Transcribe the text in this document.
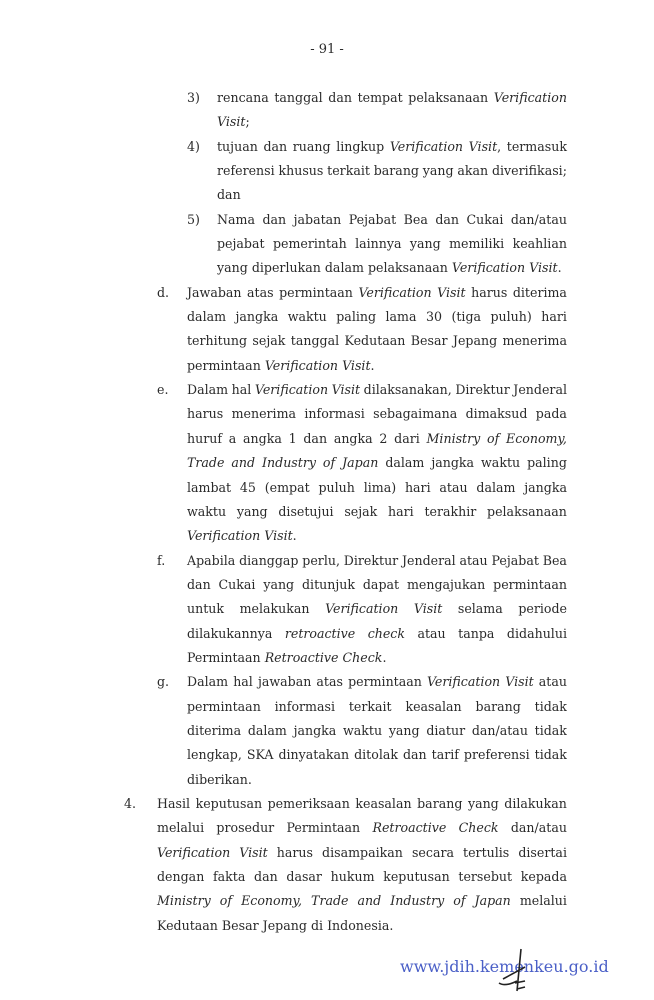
- 91 -
3) rencana tanggal dan tempat pelaksanaan Verification
Visit;
4) tujuan dan ruang lingkup Verification Visit, termasuk
referensi khusus terkait barang yang akan diverifikasi;
dan
5) Nama dan jabatan Pejabat Bea dan Cukai dan/atau
pejabat pemerintah lainnya yang memiliki keahlian
yang diperlukan dalam pelaksanaan Verification Visit.
d. Jawaban atas permintaan Verification Visit harus diterima
dalam jangka waktu paling lama 30 (tiga puluh) hari
terhitung sejak tanggal Kedutaan Besar Jepang menerima
permintaan Verification Visit.
e. Dalam hal Verification Visit dilaksanakan, Direktur Jenderal
harus menerima informasi sebagaimana dimaksud pada
huruf a angka 1 dan angka 2 dari Ministry of Economy,
Trade and Industry of Japan dalam jangka waktu paling
lambat 45 (empat puluh lima) hari atau dalam jangka
waktu yang disetujui sejak hari terakhir pelaksanaan
Verification Visit.
f. Apabila dianggap perlu, Direktur Jenderal atau Pejabat Bea
dan Cukai yang ditunjuk dapat mengajukan permintaan
untuk melakukan Verification Visit selama periode
dilakukannya retroactive check atau tanpa didahului
Permintaan Retroactive Check.
g. Dalam hal jawaban atas permintaan Verification Visit atau
permintaan informasi terkait keasalan barang tidak
diterima dalam jangka waktu yang diatur dan/atau tidak
lengkap, SKA dinyatakan ditolak dan tarif preferensi tidak
diberikan.
4. Hasil keputusan pemeriksaan keasalan barang yang dilakukan
melalui prosedur Permintaan Retroactive Check dan/atau
Verification Visit harus disampaikan secara tertulis disertai
dengan fakta dan dasar hukum keputusan tersebut kepada
Ministry of Economy, Trade and Industry of Japan melalui
Kedutaan Besar Jepang di Indonesia.
www.jdih.kemenkeu.go.id
